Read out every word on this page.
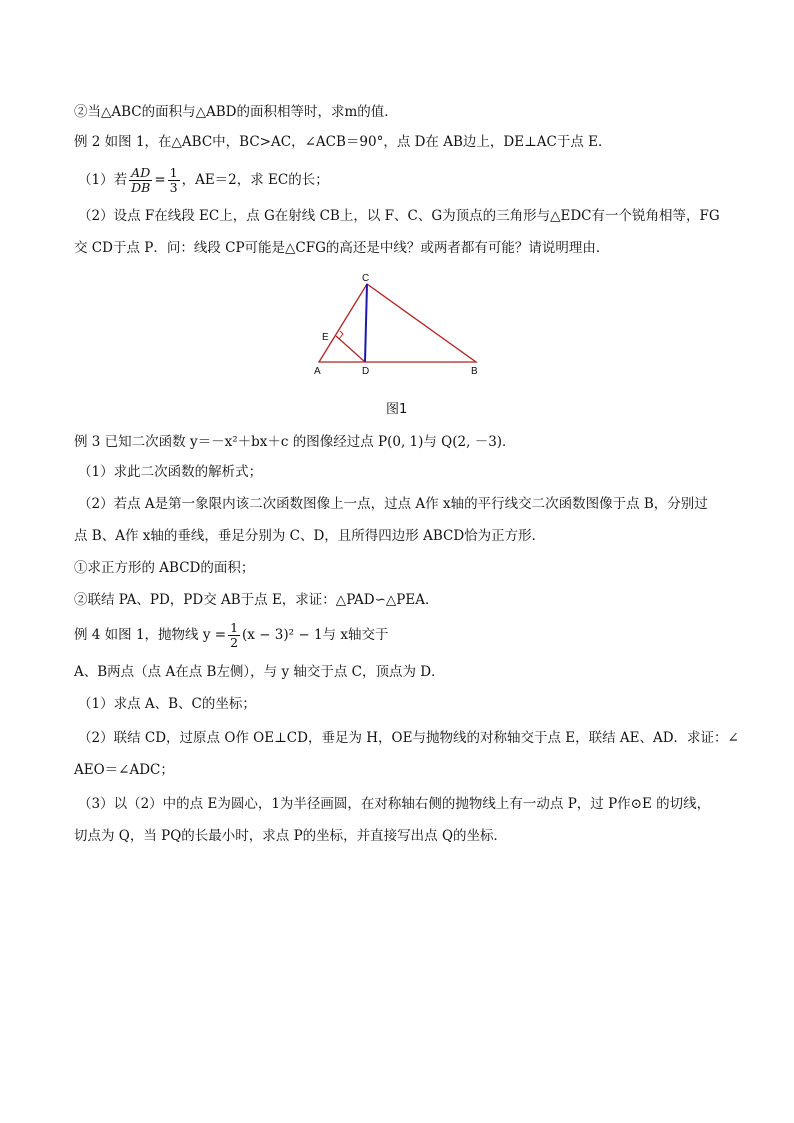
②当△ABC的面积与△ABD的面积相等时，求m的值．
例 2 如图 1，在△ABC中，BC>AC，∠ACB＝90°，点 D在 AB边上，DE⊥AC于点 E．
（1）若 $\frac{AD}{DB} = \frac{1}{3}$ ，AE＝2，求 EC的长；
（2）设点 F在线段 EC上，点 G在射线 CB上，以 F、C、G为顶点的三角形与△EDC有一个锐角相等，FG
交 CD于点 P．问：线段 CP可能是△CFG的高还是中线？或两者都有可能？请说明理由．
C
E
A	D	B
图1
例 3 已知二次函数 y＝－x²＋bx＋c 的图像经过点 P(0, 1)与 Q(2, －3)．
（1）求此二次函数的解析式；
（2）若点 A是第一象限内该二次函数图像上一点，过点 A作 x轴的平行线交二次函数图像于点 B，分别过
点 B、A作 x轴的垂线，垂足分别为 C、D，且所得四边形 ABCD恰为正方形．
①求正方形的 ABCD的面积；
②联结 PA、PD，PD交 AB于点 E，求证：△PAD∽△PEA．
例 4 如图 1，抛物线 $y = \frac{1}{2} (x - 3)^2 - 1$与 x轴交于
A、B两点（点 A在点 B左侧），与 y 轴交于点 C，顶点为 D．
（1）求点 A、B、C的坐标；
（2）联结 CD，过原点 O作 OE⊥CD，垂足为 H，OE与抛物线的对称轴交于点 E，联结 AE、AD．求证：∠
AEO＝∠ADC；
（3）以（2）中的点 E为圆心，1为半径画圆，在对称轴右侧的抛物线上有一动点 P，过 P作⊙E 的切线，
切点为 Q，当 PQ的长最小时，求点 P的坐标，并直接写出点 Q的坐标．
